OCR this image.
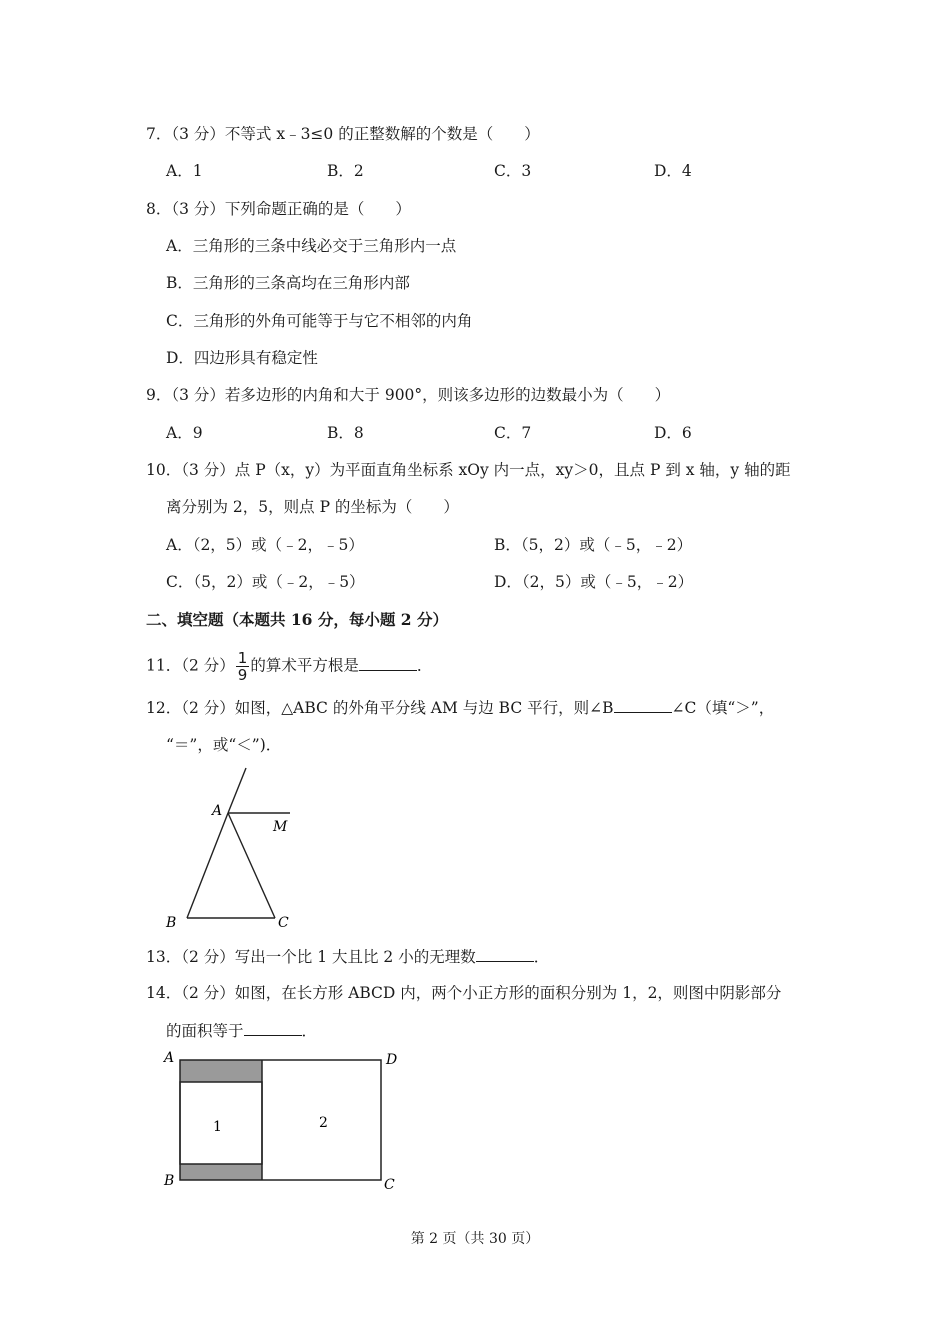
7．（3 分）不等式 x﹣3≤0 的正整数解的个数是（　　）
A．1	B．2	C．3	D．4
8．（3 分）下列命题正确的是（　　）
A．三角形的三条中线必交于三角形内一点
B．三角形的三条高均在三角形内部
C．三角形的外角可能等于与它不相邻的内角
D．四边形具有稳定性
9．（3 分）若多边形的内角和大于 900°，则该多边形的边数最小为（　　）
A．9	B．8	C．7	D．6
10．（3 分）点 P（x，y）为平面直角坐标系 xOy 内一点，xy＞0，且点 P 到 x 轴，y 轴的距
离分别为 2，5，则点 P 的坐标为（　　）
A．（2，5）或（﹣2，﹣5）	B．（5，2）或（﹣5，﹣2）
C．（5，2）或（﹣2，﹣5）	D．（2，5）或（﹣5，﹣2）
二、填空题（本题共 16 分，每小题 2 分）
11．（2 分） $\frac{1}{9}$ 的算术平方根是	．
12．（2 分）如图，△ABC 的外角平分线 AM 与边 BC 平行，则∠B	∠C（填“＞”，
“＝”，或“＜”)．
A
M
B	C
13．（2 分）写出一个比 1 大且比 2 小的无理数	．
14．（2 分）如图，在长方形 ABCD 内，两个小正方形的面积分别为 1，2，则图中阴影部分
的面积等于	．
A	D
B	C
1	2
第 2 页（共 30 页）
